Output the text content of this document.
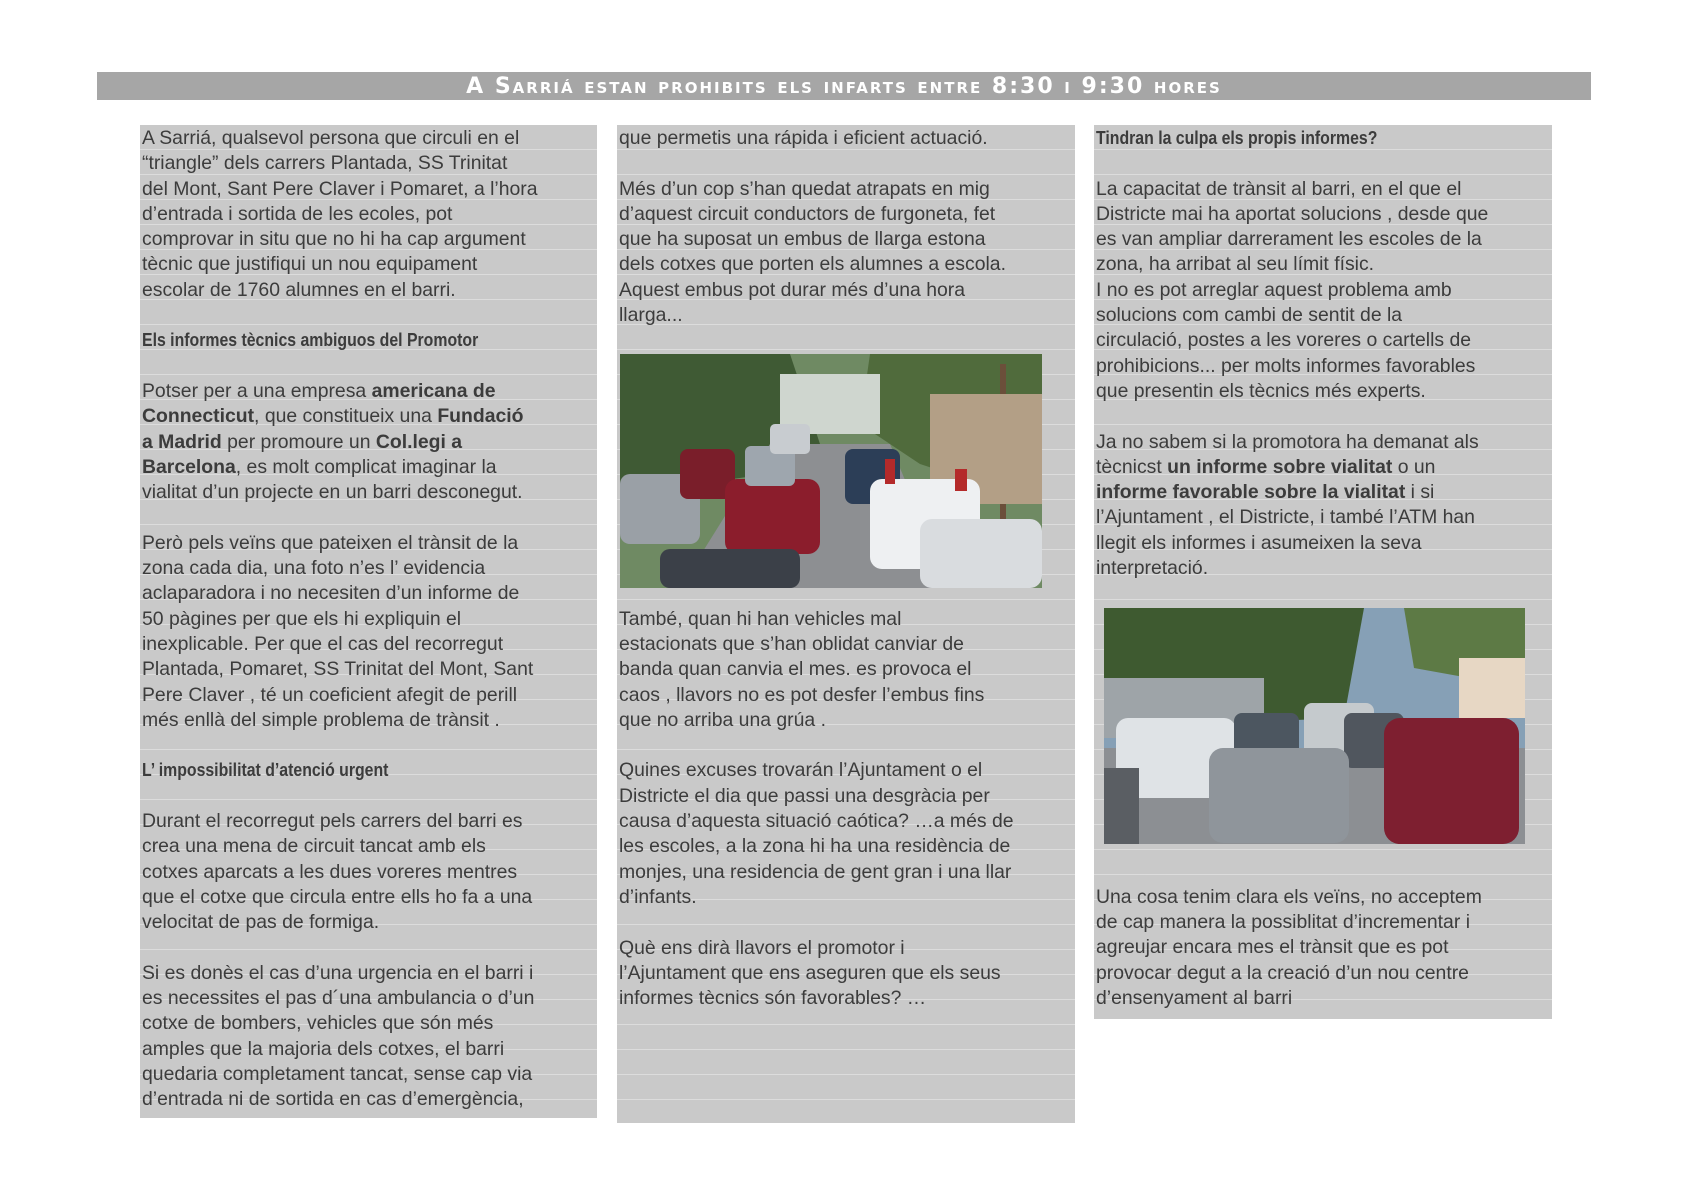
A Sarriá estan prohibits els infarts entre 8:30 i 9:30 hores
A Sarriá, qualsevol persona que circuli en el
“triangle” dels carrers Plantada, SS Trinitat
del Mont, Sant Pere Claver i Pomaret, a l’hora
d’entrada i sortida de les ecoles, pot
comprovar in situ que no hi ha cap argument
tècnic que justifiqui un nou equipament
escolar de 1760 alumnes en el barri.
Els informes tècnics ambiguos del Promotor
Potser per a una empresa americana de
Connecticut, que constitueix una Fundació
a Madrid per promoure un Col.legi a
Barcelona, es molt complicat imaginar la
vialitat d’un projecte en un barri desconegut.
Però pels veïns que pateixen el trànsit de la
zona cada dia, una foto n’es l’ evidencia
aclaparadora i no necesiten d’un informe de
50 pàgines per que els hi expliquin el
inexplicable. Per que el cas del recorregut
Plantada, Pomaret, SS Trinitat del Mont, Sant
Pere Claver , té un coeficient afegit de perill
més enllà del simple problema de trànsit .
L’ impossibilitat d’atenció urgent
Durant el recorregut pels carrers del barri es
crea una mena de circuit tancat amb els
cotxes aparcats a les dues voreres mentres
que el cotxe que circula entre ells ho fa a una
velocitat de pas de formiga.
Si es donès el cas d’una urgencia en el barri i
es necessites el pas d´una ambulancia o d’un
cotxe de bombers, vehicles que són més
amples que la majoria dels cotxes, el barri
quedaria completament tancat, sense cap via
d’entrada ni de sortida en cas d’emergència,
que permetis una rápida i eficient actuació.
Més d’un cop s’han quedat atrapats en mig
d’aquest circuit conductors de furgoneta, fet
que ha suposat un embus de llarga estona
dels cotxes que porten els alumnes a escola.
Aquest embus pot durar més d’una hora
llarga...
També, quan hi han vehicles mal
estacionats que s’han oblidat canviar de
banda quan canvia el mes. es provoca el
caos , llavors no es pot desfer l’embus fins
que no arriba una grúa .
Quines excuses trovarán l’Ajuntament o el
Districte el dia que passi una desgràcia per
causa d’aquesta situació caótica? …a més de
les escoles, a la zona hi ha una residència de
monjes, una residencia de gent gran i una llar
d’infants.
Què ens dirà llavors el promotor i
l’Ajuntament que ens aseguren que els seus
informes tècnics són favorables? …
Tindran la culpa els propis informes?
La capacitat de trànsit al barri, en el que el
Districte mai ha aportat solucions , desde que
es van ampliar darrerament les escoles de la
zona, ha arribat al seu límit físic.
I no es pot arreglar aquest problema amb
solucions com cambi de sentit de la
circulació, postes a les voreres o cartells de
prohibicions... per molts informes favorables
que presentin els tècnics més experts.
Ja no sabem si la promotora ha demanat als
tècnicst un informe sobre vialitat o un
informe favorable sobre la vialitat i si
l’Ajuntament , el Districte, i també l’ATM han
llegit els informes i asumeixen la seva
interpretació.
Una cosa tenim clara els veïns, no acceptem
de cap manera la possiblitat d’incrementar i
agreujar encara mes el trànsit que es pot
provocar degut a la creació d’un nou centre
d’ensenyament al barri
